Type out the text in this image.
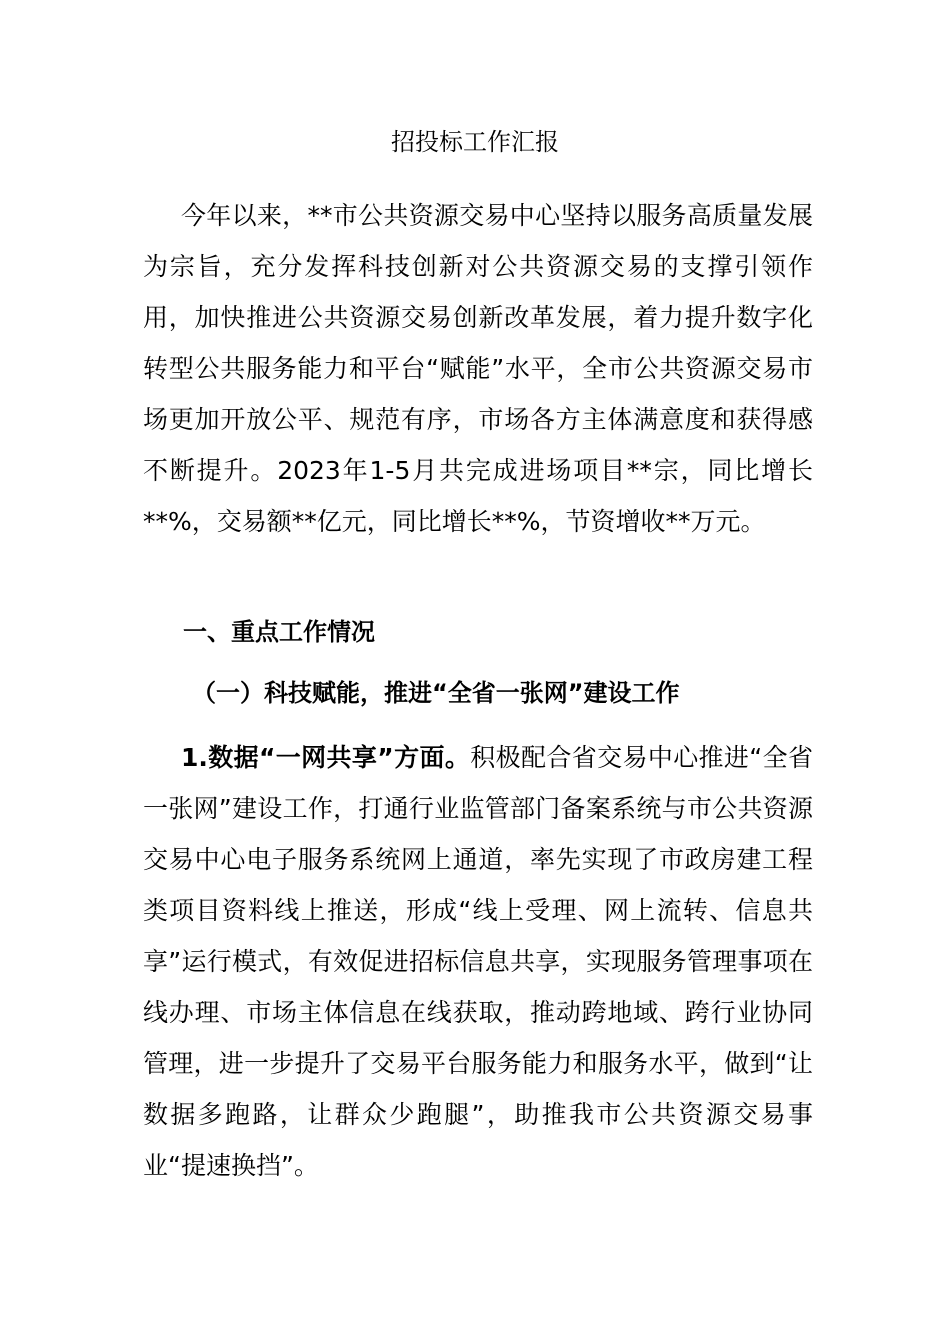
招投标工作汇报

今年以来，**市公共资源交易中心坚持以服务高质量发展为宗旨，充分发挥科技创新对公共资源交易的支撑引领作用，加快推进公共资源交易创新改革发展，着力提升数字化转型公共服务能力和平台“赋能”水平，全市公共资源交易市场更加开放公平、规范有序，市场各方主体满意度和获得感不断提升。2023年1-5月共完成进场项目**宗，同比增长**%，交易额**亿元，同比增长**%，节资增收**万元。

一、重点工作情况
（一）科技赋能，推进“全省一张网”建设工作

1.数据“一网共享”方面。积极配合省交易中心推进“全省一张网”建设工作，打通行业监管部门备案系统与市公共资源交易中心电子服务系统网上通道，率先实现了市政房建工程类项目资料线上推送，形成“线上受理、网上流转、信息共享”运行模式，有效促进招标信息共享，实现服务管理事项在线办理、市场主体信息在线获取，推动跨地域、跨行业协同管理，进一步提升了交易平台服务能力和服务水平，做到“让数据多跑路，让群众少跑腿”，助推我市公共资源交易事业“提速换挡”。
